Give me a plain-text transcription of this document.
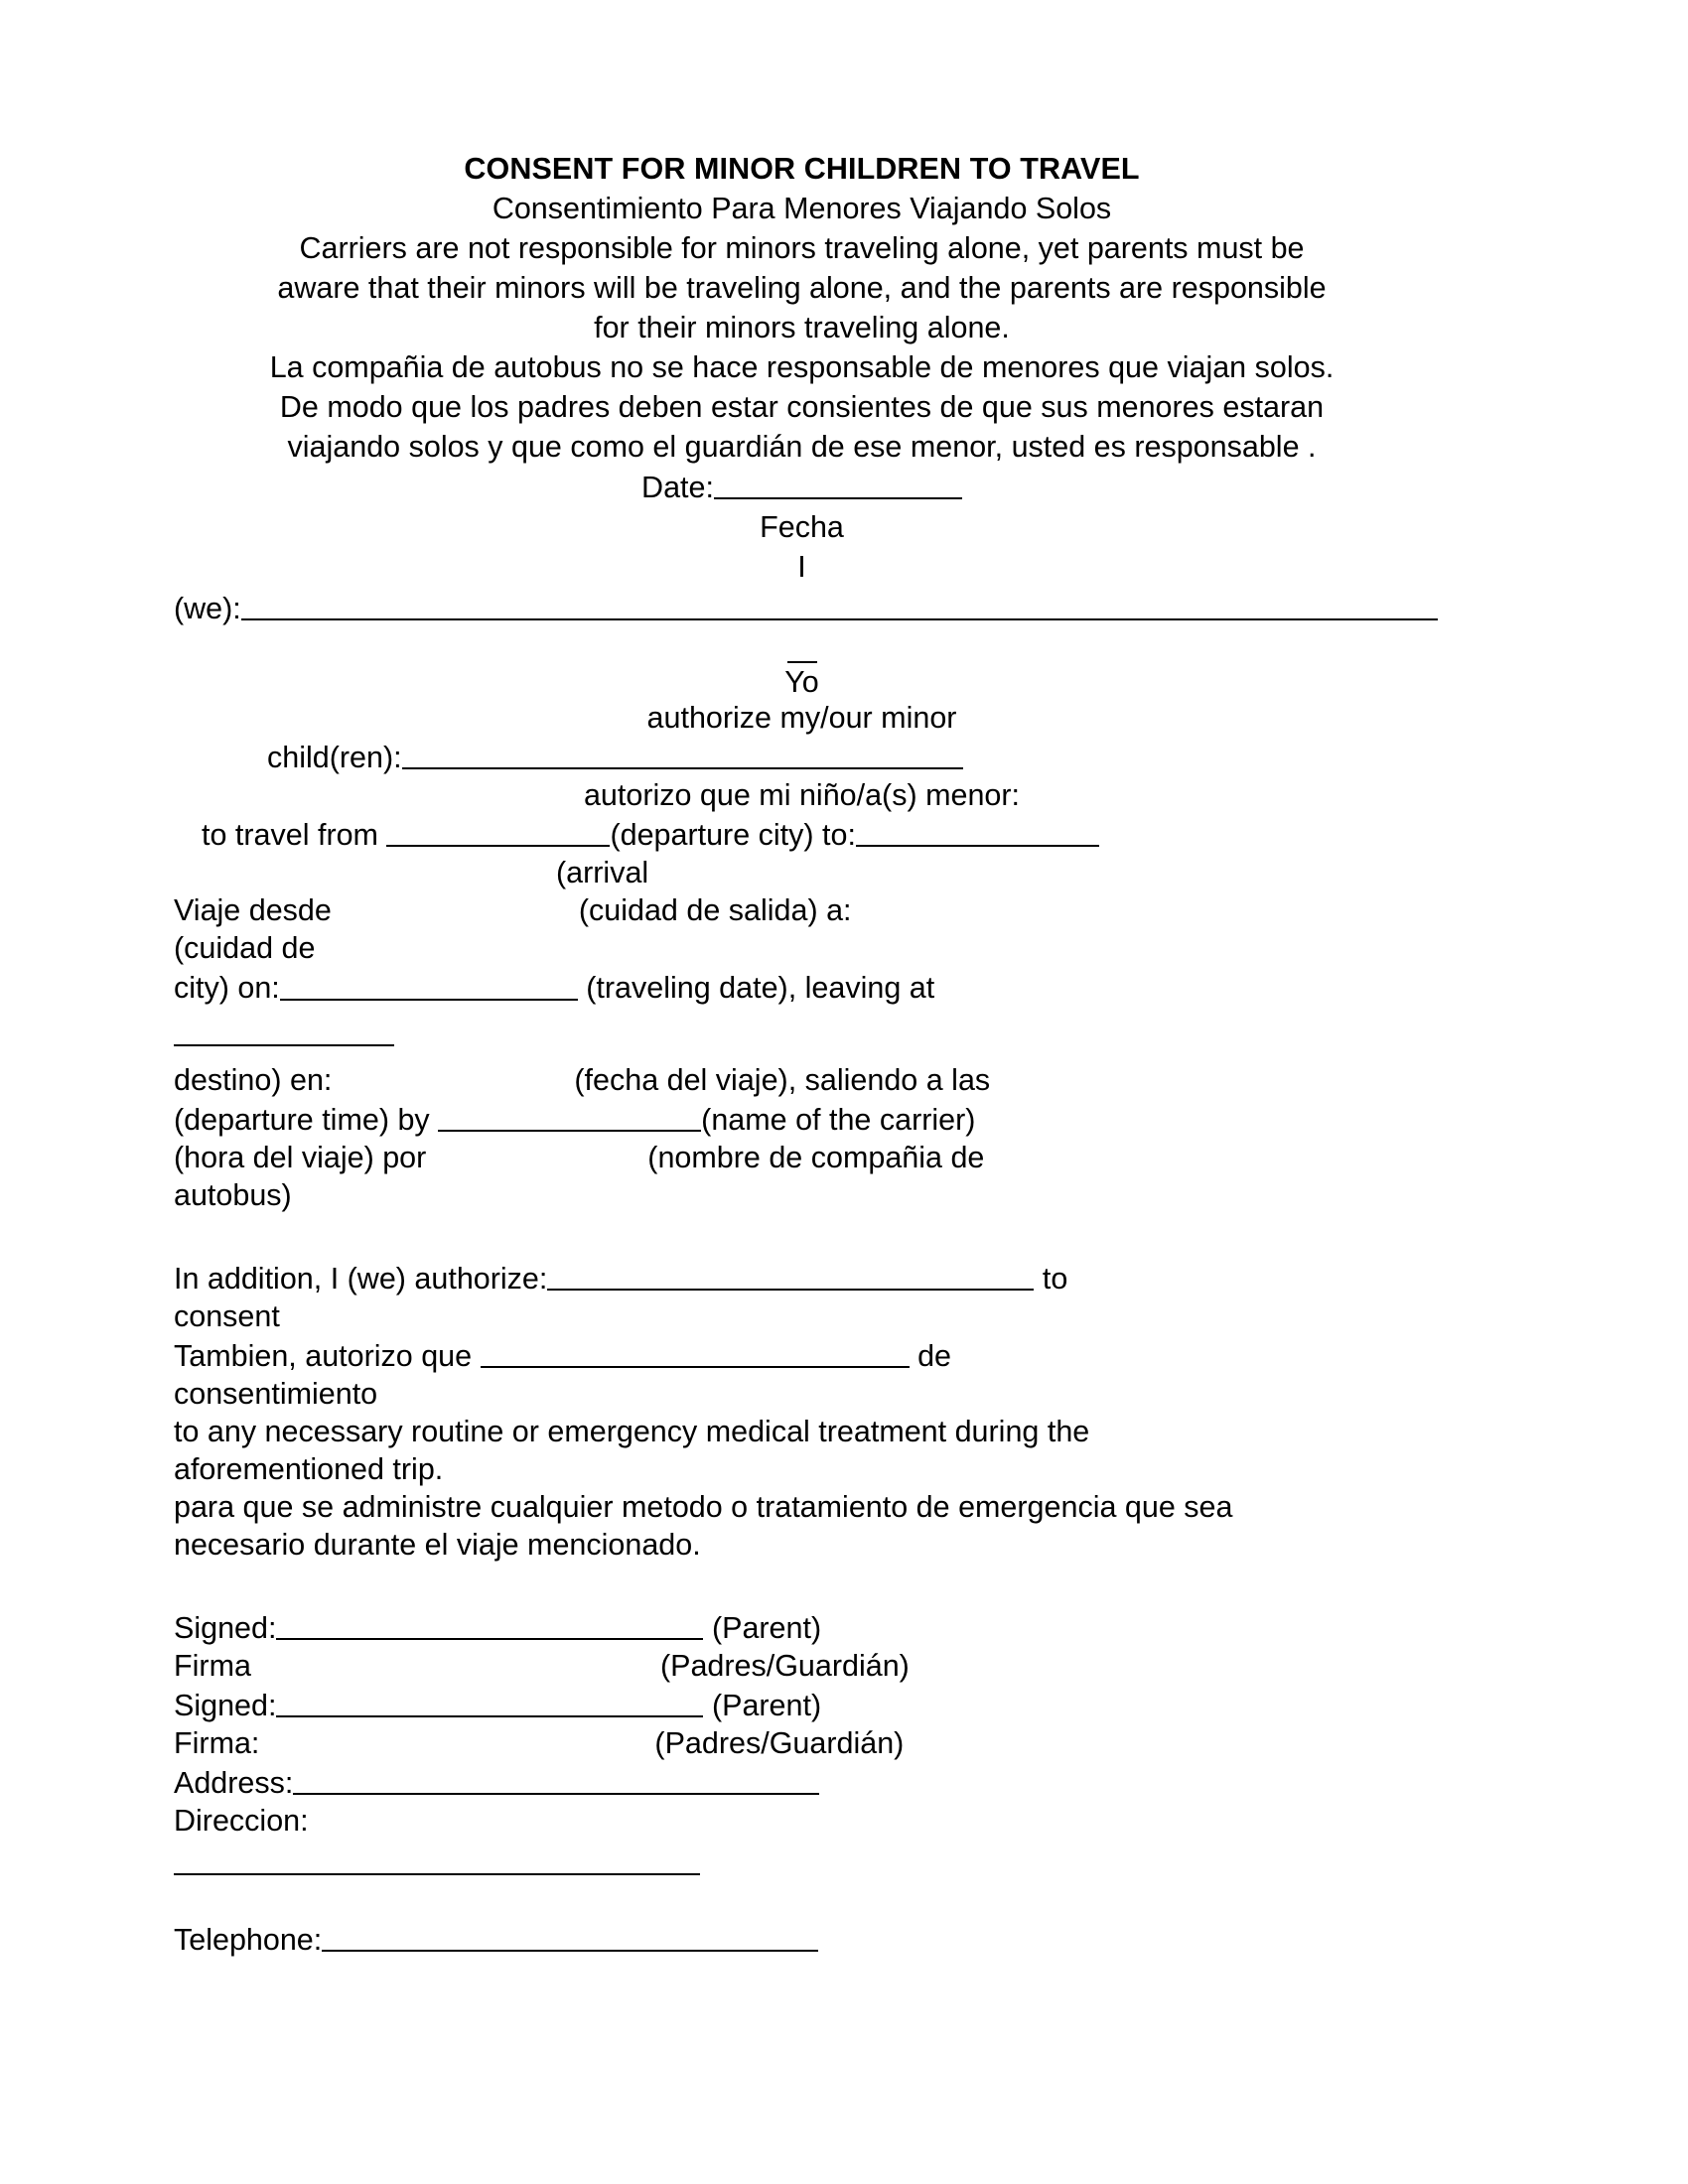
CONSENT FOR MINOR CHILDREN TO TRAVEL
Consentimiento Para Menores Viajando Solos
Carriers are not responsible for minors traveling alone, yet parents must be
aware that their minors will be traveling alone, and the parents are responsible
for their minors traveling alone.
La compañia de autobus no se hace responsable de menores que viajan solos.
De modo que los padres deben estar consientes de que sus menores estaran
viajando solos y que como el guardián de ese menor, usted es responsable .
Date:
Fecha
I
(we):
Yo
authorize my/our minor
child(ren):
autorizo que mi niño/a(s) menor:
to travel from	(departure city) to:
(arrival
Viaje desde	(cuidad de salida) a:
(cuidad de
city) on:	(traveling date), leaving at
destino) en:	(fecha del viaje), saliendo a las
(departure time) by	(name of the carrier)
(hora del viaje) por	(nombre de compañia de
autobus)
In addition, I (we) authorize:	to
consent
Tambien, autorizo que	de
consentimiento
to any necessary routine or emergency medical treatment during the
aforementioned trip.
para que se administre cualquier metodo o tratamiento de emergencia que sea
necesario durante el viaje mencionado.
Signed:	(Parent)
Firma	(Padres/Guardián)
Signed:	(Parent)
Firma:	(Padres/Guardián)
Address:
Direccion:
Telephone:
